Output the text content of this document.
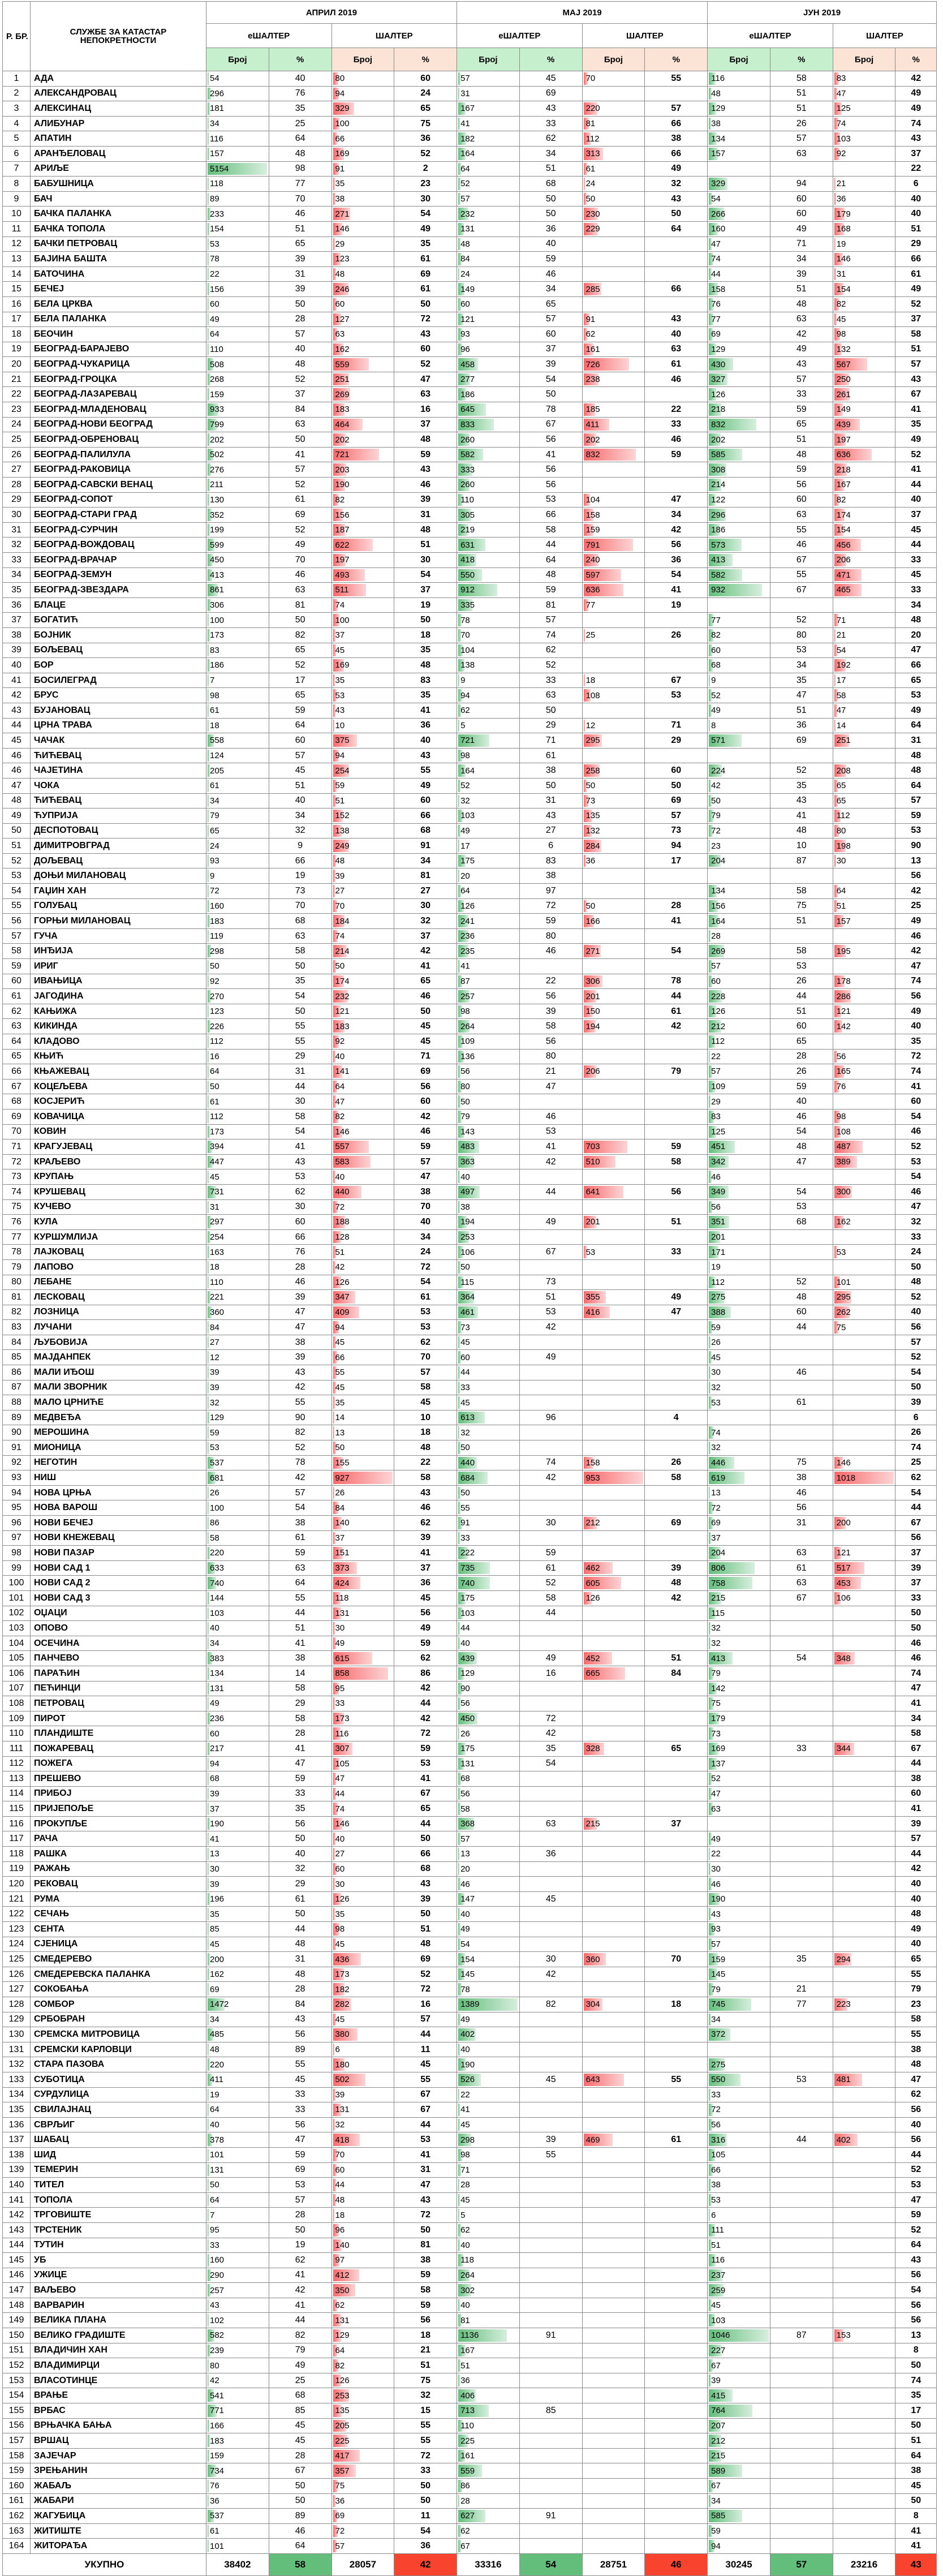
Р. БР.	СЛУЖБЕ ЗА КАТАСТАР НЕПОКРЕТНОСТИ	АПРИЛ 2019				МАЈ 2019				ЈУН 2019			
		еШАЛТЕР		ШАЛТЕР		еШАЛТЕР		ШАЛТЕР		еШАЛТЕР		ШАЛТЕР	
		Број	%	Број	%	Број	%	Број	%	Број	%	Број	%
1	АДА	54	40	80	60	57	45	70	55	116	58	83	42
2	АЛЕКСАНДРОВАЦ	296	76	94	24	31	69			48	51	47	49
3	АЛЕКСИНАЦ	181	35	329	65	167	43	220	57	129	51	125	49
4	АЛИБУНАР	34	25	100	75	41	33	81	66	38	26	74	74
5	АПАТИН	116	64	66	36	182	62	112	38	134	57	103	43
6	АРАНЂЕЛОВАЦ	157	48	169	52	164	34	313	66	157	63	92	37
7	АРИЉЕ	5154	98	91	2	64	51	61	49				22
8	БАБУШНИЦА	118	77	35	23	52	68	24	32	329	94	21	6
9	БАЧ	89	70	38	30	57	50	50	43	54	60	36	40
10	БАЧКА ПАЛАНКА	233	46	271	54	232	50	230	50	266	60	179	40
11	БАЧКА ТОПОЛА	154	51	146	49	131	36	229	64	160	49	168	51
12	БАЧКИ ПЕТРОВАЦ	53	65	29	35	48	40			47	71	19	29
13	БАЈИНА БАШТА	78	39	123	61	84	59			74	34	146	66
14	БАТОЧИНА	22	31	48	69	24	46			44	39	31	61
15	БЕЧЕЈ	156	39	246	61	149	34	285	66	158	51	154	49
16	БЕЛА ЦРКВА	60	50	60	50	60	65			76	48	82	52
17	БЕЛА ПАЛАНКА	49	28	127	72	121	57	91	43	77	63	45	37
18	БЕОЧИН	64	57	63	43	93	60	62	40	69	42	98	58
19	БЕОГРАД-БАРАЈЕВО	110	40	162	60	96	37	161	63	129	49	132	51
20	БЕОГРАД-ЧУКАРИЦА	508	48	559	52	458	39	726	61	430	43	567	57
21	БЕОГРАД-ГРОЦКА	268	52	251	47	277	54	238	46	327	57	250	43
22	БЕОГРАД-ЛАЗАРЕВАЦ	159	37	269	63	186	50			126	33	261	67
23	БЕОГРАД-МЛАДЕНОВАЦ	933	84	183	16	645	78	185	22	218	59	149	41
24	БЕОГРАД-НОВИ БЕОГРАД	799	63	464	37	833	67	411	33	832	65	439	35
25	БЕОГРАД-ОБРЕНОВАЦ	202	50	202	48	260	56	202	46	202	51	197	49
26	БЕОГРАД-ПАЛИЛУЛА	502	41	721	59	582	41	832	59	585	48	636	52
27	БЕОГРАД-РАКОВИЦА	276	57	203	43	333	56			308	59	218	41
28	БЕОГРАД-САВСКИ ВЕНАЦ	211	52	190	46	260	56			214	56	167	44
29	БЕОГРАД-СОПОТ	130	61	82	39	110	53	104	47	122	60	82	40
30	БЕОГРАД-СТАРИ ГРАД	352	69	156	31	305	66	158	34	296	63	174	37
31	БЕОГРАД-СУРЧИН	199	52	187	48	219	58	159	42	186	55	154	45
32	БЕОГРАД-ВОЖДОВАЦ	599	49	622	51	631	44	791	56	573	46	456	44
33	БЕОГРАД-ВРАЧАР	450	70	197	30	418	64	240	36	413	67	206	33
34	БЕОГРАД-ЗЕМУН	413	46	493	54	550	48	597	54	582	55	471	45
35	БЕОГРАД-ЗВЕЗДАРА	861	63	511	37	912	59	636	41	932	67	465	33
36	БЛАЦЕ	306	81	74	19	335	81	77	19				34
37	БОГАТИЋ	100	50	100	50	78	57			77	52	71	48
38	БОЈНИК	173	82	37	18	70	74	25	26	82	80	21	20
39	БОЉЕВАЦ	83	65	45	35	104	62			60	53	54	47
40	БОР	186	52	169	48	138	52			68	34	192	66
41	БОСИЛЕГРАД	7	17	35	83	9	33	18	67	9	35	17	65
42	БРУС	98	65	53	35	94	63	108	53	52	47	58	53
43	БУЈАНОВАЦ	61	59	43	41	62	50			49	51	47	49
44	ЦРНА ТРАВА	18	64	10	36	5	29	12	71	8	36	14	64
45	ЧАЧАК	558	60	375	40	721	71	295	29	571	69	251	31
46	ЋИЋЕВАЦ	124	57	94	43	98	61						48
46	ЧАЈЕТИНА	205	45	254	55	164	38	258	60	224	52	208	48
47	ЧОКА	61	51	59	49	52	50	50	50	42	35	65	64
48	ЋИЋЕВАЦ	34	40	51	60	32	31	73	69	50	43	65	57
49	ЋУПРИЈА	79	34	152	66	103	43	135	57	79	41	112	59
50	ДЕСПОТОВАЦ	65	32	138	68	49	27	132	73	72	48	80	53
51	ДИМИТРОВГРАД	24	9	249	91	17	6	284	94	23	10	198	90
52	ДОЉЕВАЦ	93	66	48	34	175	83	36	17	204	87	30	13
53	ДОЊИ МИЛАНОВАЦ	9	19	39	81	20	38						56
54	ГАЏИН ХАН	72	73	27	27	64	97			134	58	64	42
55	ГОЛУБАЦ	160	70	70	30	126	72	50	28	156	75	51	25
56	ГОРЊИ МИЛАНОВАЦ	183	68	184	32	241	59	166	41	164	51	157	49
57	ГУЧА	119	63	74	37	236	80			28			46
58	ИНЂИЈА	298	58	214	42	235	46	271	54	269	58	195	42
59	ИРИГ	50	50	50	41	41				57	53		47
60	ИВАЊИЦА	92	35	174	65	87	22	306	78	60	26	178	74
61	ЈАГОДИНА	270	54	232	46	257	56	201	44	228	44	286	56
62	КАЊИЖА	123	50	121	50	98	39	150	61	126	51	121	49
63	КИКИНДА	226	55	183	45	264	58	194	42	212	60	142	40
64	КЛАДОВО	112	55	92	45	109	56			112	65		35
65	КЊИЋ	16	29	40	71	136	80			22	28	56	72
66	КЊАЖЕВАЦ	64	31	141	69	56	21	206	79	57	26	165	74
67	КОЦЕЉЕВА	50	44	64	56	80	47			109	59	76	41
68	КОСЈЕРИЋ	61	30	47	60	50				29	40		60
69	КОВАЧИЦА	112	58	82	42	79	46			83	46	98	54
70	КОВИН	173	54	146	46	143	53			125	54	108	46
71	КРАГУЈЕВАЦ	394	41	557	59	483	41	703	59	451	48	487	52
72	КРАЉЕВО	447	43	583	57	363	42	510	58	342	47	389	53
73	КРУПАЊ	45	53	40	47	40				46			54
74	КРУШЕВАЦ	731	62	440	38	497	44	641	56	349	54	300	46
75	КУЧЕВО	31	30	72	70	38				56	53		47
76	КУЛА	297	60	188	40	194	49	201	51	351	68	162	32
77	КУРШУМЛИЈА	254	66	128	34	253				201			33
78	ЛАЈКОВАЦ	163	76	51	24	106	67	53	33	171		53	24
79	ЛАПОВО	18	28	42	72	50				19			50
80	ЛЕБАНЕ	110	46	126	54	115	73			112	52	101	48
81	ЛЕСКОВАЦ	221	39	347	61	364	51	355	49	275	48	295	52
82	ЛОЗНИЦА	360	47	409	53	461	53	416	47	388	60	262	40
83	ЛУЧАНИ	84	47	94	53	73	42			59	44	75	56
84	ЉУБОВИЈА	27	38	45	62	45				26			57
85	МАЈДАНПЕК	12	39	66	70	60	49			45			52
86	МАЛИ ИЂОШ	39	43	55	57	44				30	46		54
87	МАЛИ ЗВОРНИК	39	42	45	58	33				32			50
88	МАЛО ЦРНИЋЕ	32	55	35	45	45				53	61		39
89	МЕДВЕЂА	129	90	14	10	613	96		4				6
90	МЕРОШИНА	59	82	13	18	32				74			26
91	МИОНИЦА	53	52	50	48	50				32			74
92	НЕГОТИН	537	78	155	22	440	74	158	26	446	75	146	25
93	НИШ	681	42	927	58	684	42	953	58	619	38	1018	62
94	НОВА ЦРЊА	26	57	26	43	50				13	46		54
95	НОВА ВАРОШ	100	54	84	46	55				72	56		44
96	НОВИ БЕЧЕЈ	86	38	140	62	91	30	212	69	69	31	200	67
97	НОВИ КНЕЖЕВАЦ	58	61	37	39	33				37			56
98	НОВИ ПАЗАР	220	59	151	41	222	59			204	63	121	37
99	НОВИ САД 1	633	63	373	37	735	61	462	39	806	61	517	39
100	НОВИ САД 2	740	64	424	36	740	52	605	48	758	63	453	37
101	НОВИ САД 3	144	55	118	45	175	58	126	42	215	67	106	33
102	ОЏАЦИ	103	44	131	56	103	44			115			50
103	ОПОВО	40	51	30	49	44				32			50
104	ОСЕЧИНА	34	41	49	59	40				32			46
105	ПАНЧЕВО	383	38	615	62	439	49	452	51	413	54	348	46
106	ПАРАЋИН	134	14	858	86	129	16	665	84	79			74
107	ПЕЋИНЦИ	131	58	95	42	90				142			47
108	ПЕТРОВАЦ	49	29	33	44	56				75			41
109	ПИРОТ	236	58	173	42	450	72			179			34
110	ПЛАНДИШТЕ	60	28	116	72	26	42			73			58
111	ПОЖАРЕВАЦ	217	41	307	59	175	35	328	65	169	33	344	67
112	ПОЖЕГА	94	47	105	53	131	54			137			44
113	ПРЕШЕВО	68	59	47	41	68				52			38
114	ПРИБОЈ	39	33	44	67	56				47			60
115	ПРИЈЕПОЉЕ	37	35	74	65	58				63			41
116	ПРОКУПЉЕ	190	56	146	44	368	63	215	37				39
117	РАЧА	41	50	40	50	57				49			57
118	РАШКА	13	40	27	66	13	36			22			44
119	РАЖАЊ	30	32	60	68	20				30			42
120	РЕКОВАЦ	39	29	30	43	46				46			40
121	РУМА	196	61	126	39	147	45			190			40
122	СЕЧАЊ	35	50	35	50	40				43			48
123	СЕНТА	85	44	98	51	49				93			49
124	СЈЕНИЦА	45	48	45	48	54				57			40
125	СМЕДЕРЕВО	200	31	436	69	154	30	360	70	159	35	294	65
126	СМЕДЕРЕВСКА ПАЛАНКА	162	48	173	52	145	42			145			55
127	СОКОБАЊА	69	28	182	72	78				79	21		79
128	СОМБОР	1472	84	282	16	1389	82	304	18	745	77	223	23
129	СРБОБРАН	34	43	45	57	49				34			58
130	СРЕМСКА МИТРОВИЦА	485	56	380	44	402				372			55
131	СРЕМСКИ КАРЛОВЦИ	48	89	6	11	40							38
132	СТАРА ПАЗОВА	220	55	180	45	190				275			48
133	СУБОТИЦА	411	45	502	55	526	45	643	55	550	53	481	47
134	СУРДУЛИЦА	19	33	39	67	22				33			62
135	СВИЛАЈНАЦ	64	33	131	67	41				72			56
136	СВРЉИГ	40	56	32	44	45				56			40
137	ШАБАЦ	378	47	418	53	298	39	469	61	316	44	402	56
138	ШИД	101	59	70	41	98	55			105			44
139	ТЕМЕРИН	131	69	60	31	71				66			52
140	ТИТЕЛ	50	53	44	47	28				38			53
141	ТОПОЛА	64	57	48	43	45				53			47
142	ТРГОВИШТЕ	7	28	18	72	5				6			59
143	ТРСТЕНИК	95	50	96	50	62				111			52
144	ТУТИН	33	19	140	81	40				51			64
145	УБ	160	62	97	38	118				116			43
146	УЖИЦЕ	290	41	412	59	264				237			56
147	ВАЉЕВО	257	42	350	58	302				259			54
148	ВАРВАРИН	43	41	62	59	40				45			56
149	ВЕЛИКА ПЛАНА	102	44	131	56	81				103			56
150	ВЕЛИКО ГРАДИШТЕ	582	82	129	18	1136	91			1046	87	153	13
151	ВЛАДИЧИН ХАН	239	79	64	21	167				227			8
152	ВЛАДИМИРЦИ	80	49	82	51	51				67			50
153	ВЛАСОТИНЦЕ	42	25	126	75	36				39			74
154	ВРАЊЕ	541	68	253	32	406				415			35
155	ВРБАС	771	85	135	15	713	85			764			17
156	ВРЊАЧКА БАЊА	166	45	205	55	110				207			50
157	ВРШАЦ	183	45	225	55	225				212			51
158	ЗАЈЕЧАР	159	28	417	72	161				215			64
159	ЗРЕЊАНИН	734	67	357	33	559				589			38
160	ЖАБАЉ	76	50	75	50	86				67			45
161	ЖАБАРИ	36	50	36	50	28				34			50
162	ЖАГУБИЦА	537	89	69	11	627	91			585			8
163	ЖИТИШТЕ	61	46	72	54	62				59			41
164	ЖИТОРАЂА	101	64	57	36	67				94			41
УКУПНО		38402	58	28057	42	33316	54	28751	46	30245	57	23216	43
